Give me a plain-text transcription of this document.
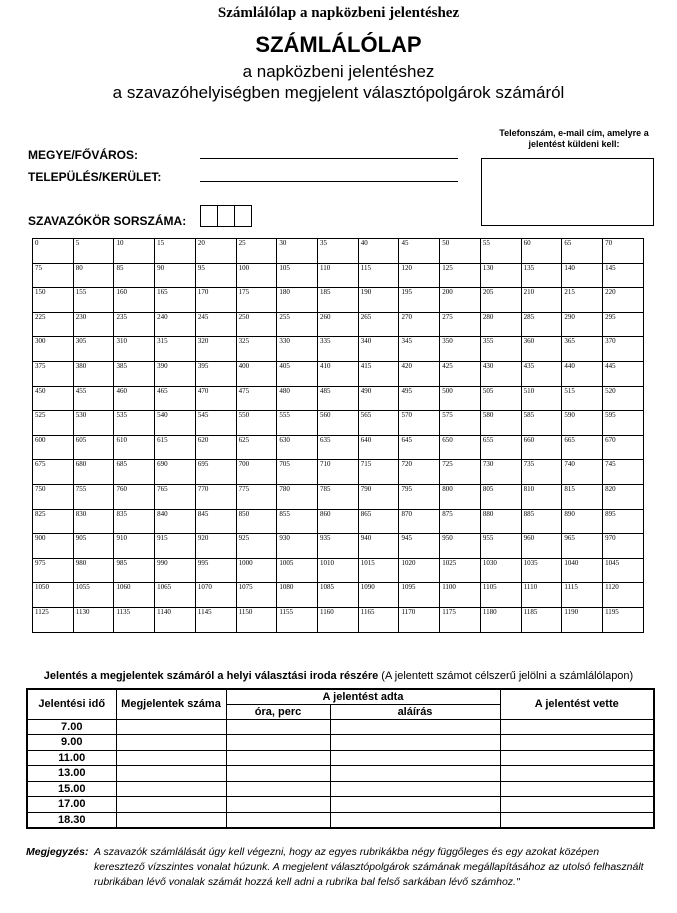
Számlálólap a napközbeni jelentéshez
SZÁMLÁLÓLAP
a napközbeni jelentéshez
a szavazóhelyiségben megjelent választópolgárok számáról
Telefonszám, e-mail cím, amelyre a jelentést küldeni kell:
MEGYE/FŐVÁROS:
TELEPÜLÉS/KERÜLET:
SZAVAZÓKÖR SORSZÁMA:
0	5	10	15	20	25	30	35	40	45	50	55	60	65	70
75	80	85	90	95	100	105	110	115	120	125	130	135	140	145
150	155	160	165	170	175	180	185	190	195	200	205	210	215	220
225	230	235	240	245	250	255	260	265	270	275	280	285	290	295
300	305	310	315	320	325	330	335	340	345	350	355	360	365	370
375	380	385	390	395	400	405	410	415	420	425	430	435	440	445
450	455	460	465	470	475	480	485	490	495	500	505	510	515	520
525	530	535	540	545	550	555	560	565	570	575	580	585	590	595
600	605	610	615	620	625	630	635	640	645	650	655	660	665	670
675	680	685	690	695	700	705	710	715	720	725	730	735	740	745
750	755	760	765	770	775	780	785	790	795	800	805	810	815	820
825	830	835	840	845	850	855	860	865	870	875	880	885	890	895
900	905	910	915	920	925	930	935	940	945	950	955	960	965	970
975	980	985	990	995	1000	1005	1010	1015	1020	1025	1030	1035	1040	1045
1050	1055	1060	1065	1070	1075	1080	1085	1090	1095	1100	1105	1110	1115	1120
1125	1130	1135	1140	1145	1150	1155	1160	1165	1170	1175	1180	1185	1190	1195
Jelentés a megjelentek számáról a helyi választási iroda részére (A jelentett számot célszerű jelölni a számlálólapon)
Jelentési idő	Megjelentek száma	A jelentést adta		A jelentést vette
		óra, perc	aláírás	
7.00				
9.00				
11.00				
13.00				
15.00				
17.00				
18.30				
Megjegyzés: A szavazók számlálását úgy kell végezni, hogy az egyes rubrikákba négy függőleges és egy azokat középen keresztező vízszintes vonalat húzunk. A megjelent választópolgárok számának megállapításához az utolsó felhasznált rubrikában lévő vonalak számát hozzá kell adni a rubrika bal felső sarkában lévő számhoz."
